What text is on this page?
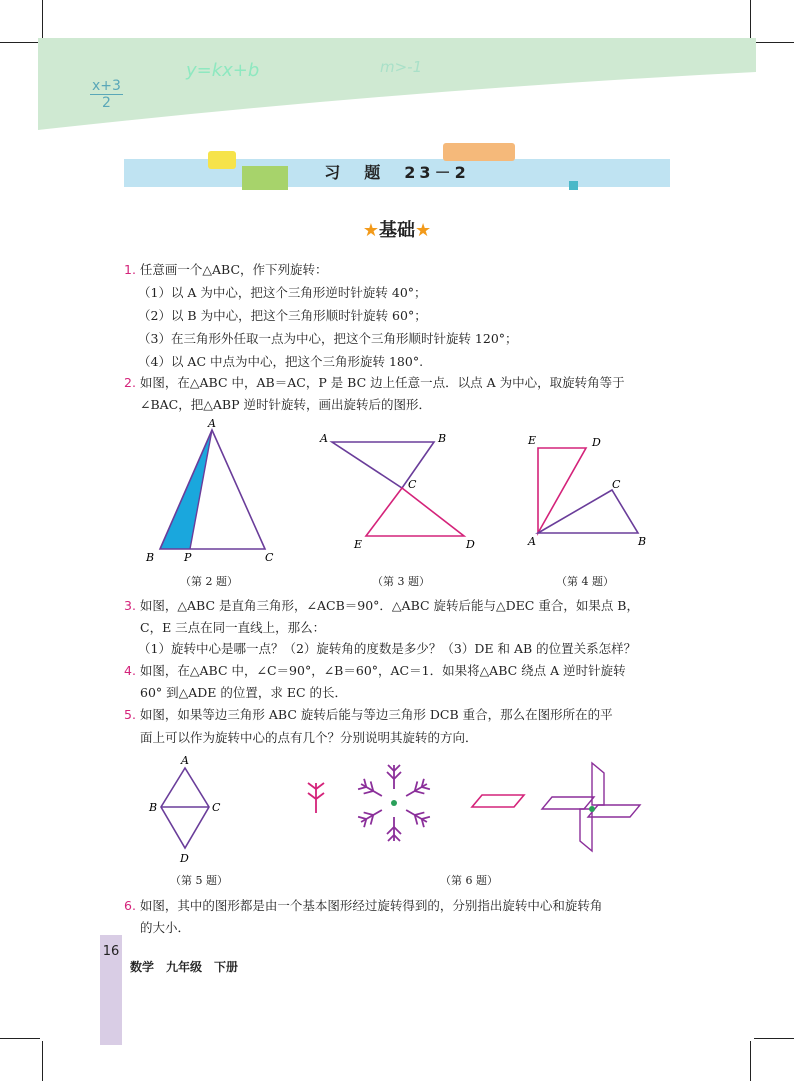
x+3
2
y=kx+b	m>-1
习　题　23－2
★基础★
1. 任意画一个△ABC，作下列旋转：
（1）以 A 为中心，把这个三角形逆时针旋转 40°；
（2）以 B 为中心，把这个三角形顺时针旋转 60°；
（3）在三角形外任取一点为中心，把这个三角形顺时针旋转 120°；
（4）以 AC 中点为中心，把这个三角形旋转 180°.
2. 如图，在△ABC 中，AB＝AC，P 是 BC 边上任意一点．以点 A 为中心，取旋转角等于
∠BAC，把△ABP 逆时针旋转，画出旋转后的图形．
A
B	P	C
（第 2 题）
A	B
C
E	D
（第 3 题）
E	D
C
A	B
（第 4 题）
3. 如图，△ABC 是直角三角形，∠ACB＝90°．△ABC 旋转后能与△DEC 重合，如果点 B，
C，E 三点在同一直线上，那么：
（1）旋转中心是哪一点？（2）旋转角的度数是多少？（3）DE 和 AB 的位置关系怎样？
4. 如图，在△ABC 中，∠C＝90°，∠B＝60°，AC＝1．如果将△ABC 绕点 A 逆时针旋转
60° 到△ADE 的位置，求 EC 的长．
5. 如图，如果等边三角形 ABC 旋转后能与等边三角形 DCB 重合，那么在图形所在的平
面上可以作为旋转中心的点有几个？分别说明其旋转的方向．
A
B	C
D
（第 5 题）	（第 6 题）
6. 如图，其中的图形都是由一个基本图形经过旋转得到的，分别指出旋转中心和旋转角
的大小．
16
数学　九年级　下册
